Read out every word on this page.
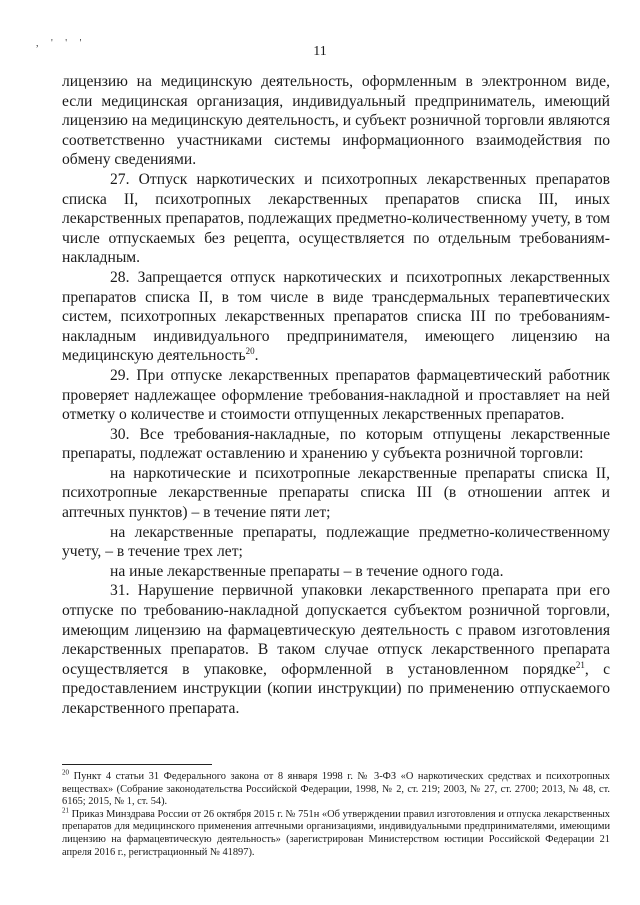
, ' ' '
11

лицензию на медицинскую деятельность, оформленным в электронном виде, если медицинская организация, индивидуальный предприниматель, имеющий лицензию на медицинскую деятельность, и субъект розничной торговли являются соответственно участниками системы информационного взаимодействия по обмену сведениями.

27. Отпуск наркотических и психотропных лекарственных препаратов списка II, психотропных лекарственных препаратов списка III, иных лекарственных препаратов, подлежащих предметно-количественному учету, в том числе отпускаемых без рецепта, осуществляется по отдельным требованиям-накладным.

28. Запрещается отпуск наркотических и психотропных лекарственных препаратов списка II, в том числе в виде трансдермальных терапевтических систем, психотропных лекарственных препаратов списка III по требованиям-накладным индивидуального предпринимателя, имеющего лицензию на медицинскую деятельность$^{20}$.

29. При отпуске лекарственных препаратов фармацевтический работник проверяет надлежащее оформление требования-накладной и проставляет на ней отметку о количестве и стоимости отпущенных лекарственных препаратов.

30. Все требования-накладные, по которым отпущены лекарственные препараты, подлежат оставлению и хранению у субъекта розничной торговли:

на наркотические и психотропные лекарственные препараты списка II, психотропные лекарственные препараты списка III (в отношении аптек и аптечных пунктов) – в течение пяти лет;

на лекарственные препараты, подлежащие предметно-количественному учету, – в течение трех лет;

на иные лекарственные препараты – в течение одного года.

31. Нарушение первичной упаковки лекарственного препарата при его отпуске по требованию-накладной допускается субъектом розничной торговли, имеющим лицензию на фармацевтическую деятельность с правом изготовления лекарственных препаратов. В таком случае отпуск лекарственного препарата осуществляется в упаковке, оформленной в установленном порядке$^{21}$, с предоставлением инструкции (копии инструкции) по применению отпускаемого лекарственного препарата.

$^{20}$ Пункт 4 статьи 31 Федерального закона от 8 января 1998 г. № 3-ФЗ «О наркотических средствах и психотропных веществах» (Собрание законодательства Российской Федерации, 1998, № 2, ст. 219; 2003, № 27, ст. 2700; 2013, № 48, ст. 6165; 2015, № 1, ст. 54).

$^{21}$ Приказ Минздрава России от 26 октября 2015 г. № 751н «Об утверждении правил изготовления и отпуска лекарственных препаратов для медицинского применения аптечными организациями, индивидуальными предпринимателями, имеющими лицензию на фармацевтическую деятельность» (зарегистрирован Министерством юстиции Российской Федерации 21 апреля 2016 г., регистрационный № 41897).
